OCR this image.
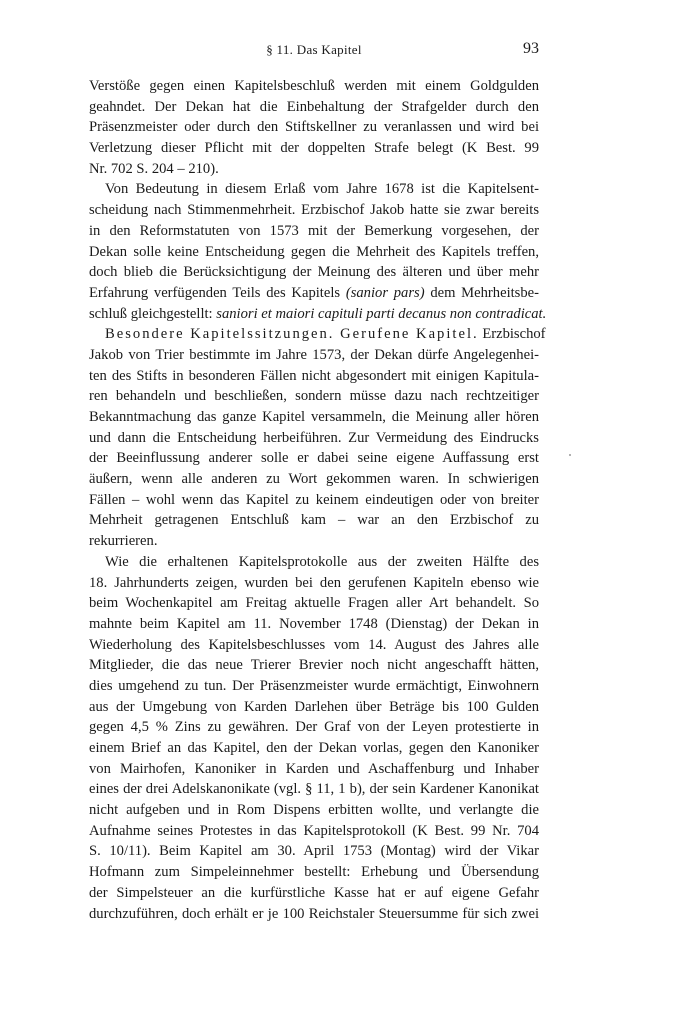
§ 11. Das Kapitel	93
Verstöße gegen einen Kapitelsbeschluß werden mit einem Goldgulden
geahndet. Der Dekan hat die Einbehaltung der Strafgelder durch den
Präsenzmeister oder durch den Stiftskellner zu veranlassen und wird bei
Verletzung dieser Pflicht mit der doppelten Strafe belegt (K Best. 99
Nr. 702 S. 204 – 210).
Von Bedeutung in diesem Erlaß vom Jahre 1678 ist die Kapitelsent-
scheidung nach Stimmenmehrheit. Erzbischof Jakob hatte sie zwar bereits
in den Reformstatuten von 1573 mit der Bemerkung vorgesehen, der
Dekan solle keine Entscheidung gegen die Mehrheit des Kapitels treffen,
doch blieb die Berücksichtigung der Meinung des älteren und über mehr
Erfahrung verfügenden Teils des Kapitels (sanior pars) dem Mehrheitsbe-
schluß gleichgestellt: saniori et maiori capituli parti decanus non contradicat.
Besondere Kapitelssitzungen. Gerufene Kapitel. Erzbischof
Jakob von Trier bestimmte im Jahre 1573, der Dekan dürfe Angelegenhei-
ten des Stifts in besonderen Fällen nicht abgesondert mit einigen Kapitula-
ren behandeln und beschließen, sondern müsse dazu nach rechtzeitiger
Bekanntmachung das ganze Kapitel versammeln, die Meinung aller hören
und dann die Entscheidung herbeiführen. Zur Vermeidung des Eindrucks
der Beeinflussung anderer solle er dabei seine eigene Auffassung erst
äußern, wenn alle anderen zu Wort gekommen waren. In schwierigen
Fällen – wohl wenn das Kapitel zu keinem eindeutigen oder von breiter
Mehrheit getragenen Entschluß kam – war an den Erzbischof zu
rekurrieren.
Wie die erhaltenen Kapitelsprotokolle aus der zweiten Hälfte des
18. Jahrhunderts zeigen, wurden bei den gerufenen Kapiteln ebenso wie
beim Wochenkapitel am Freitag aktuelle Fragen aller Art behandelt. So
mahnte beim Kapitel am 11. November 1748 (Dienstag) der Dekan in
Wiederholung des Kapitelsbeschlusses vom 14. August des Jahres alle
Mitglieder, die das neue Trierer Brevier noch nicht angeschafft hätten,
dies umgehend zu tun. Der Präsenzmeister wurde ermächtigt, Einwohnern
aus der Umgebung von Karden Darlehen über Beträge bis 100 Gulden
gegen 4,5 % Zins zu gewähren. Der Graf von der Leyen protestierte in
einem Brief an das Kapitel, den der Dekan vorlas, gegen den Kanoniker
von Mairhofen, Kanoniker in Karden und Aschaffenburg und Inhaber
eines der drei Adelskanonikate (vgl. § 11, 1 b), der sein Kardener Kanonikat
nicht aufgeben und in Rom Dispens erbitten wollte, und verlangte die
Aufnahme seines Protestes in das Kapitelsprotokoll (K Best. 99 Nr. 704
S. 10/11). Beim Kapitel am 30. April 1753 (Montag) wird der Vikar
Hofmann zum Simpeleinnehmer bestellt: Erhebung und Übersendung
der Simpelsteuer an die kurfürstliche Kasse hat er auf eigene Gefahr
durchzuführen, doch erhält er je 100 Reichstaler Steuersumme für sich zwei
